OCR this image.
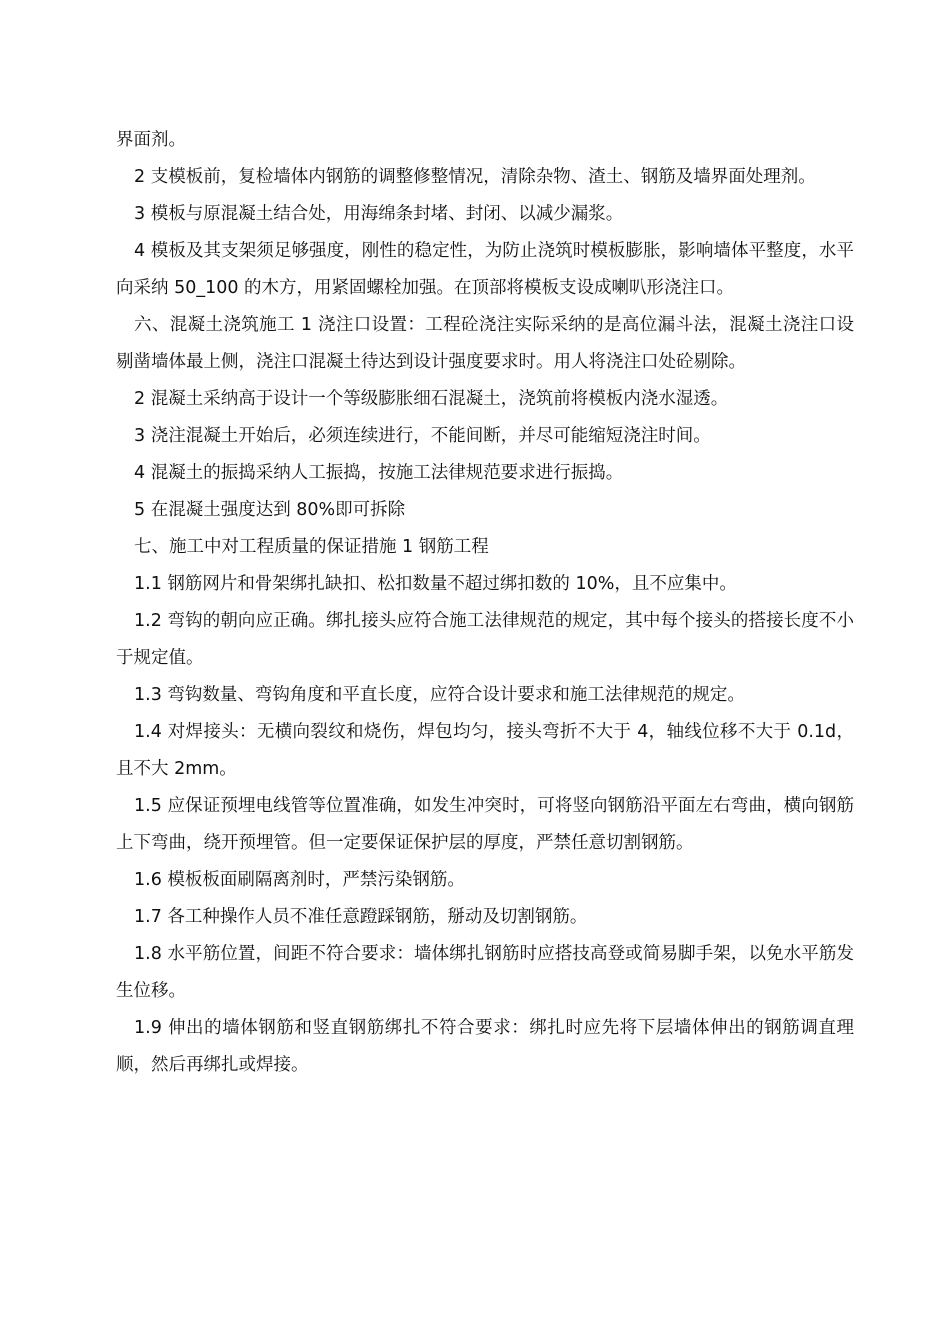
界面剂。

2 支模板前，复检墙体内钢筋的调整修整情况，清除杂物、渣土、钢筋及墙界面处理剂。

3 模板与原混凝土结合处，用海绵条封堵、封闭、以减少漏浆。

4 模板及其支架须足够强度，刚性的稳定性，为防止浇筑时模板膨胀，影响墙体平整度，水平向采纳 50_100 的木方，用紧固螺栓加强。在顶部将模板支设成喇叭形浇注口。

六、混凝土浇筑施工 1 浇注口设置：工程砼浇注实际采纳的是高位漏斗法，混凝土浇注口设剔凿墙体最上侧，浇注口混凝土待达到设计强度要求时。用人将浇注口处砼剔除。

2 混凝土采纳高于设计一个等级膨胀细石混凝土，浇筑前将模板内浇水湿透。

3 浇注混凝土开始后，必须连续进行，不能间断，并尽可能缩短浇注时间。

4 混凝土的振捣采纳人工振捣，按施工法律规范要求进行振捣。

5 在混凝土强度达到 80%即可拆除

七、施工中对工程质量的保证措施 1 钢筋工程

1.1 钢筋网片和骨架绑扎缺扣、松扣数量不超过绑扣数的 10%，且不应集中。

1.2 弯钩的朝向应正确。绑扎接头应符合施工法律规范的规定，其中每个接头的搭接长度不小于规定值。

1.3 弯钩数量、弯钩角度和平直长度，应符合设计要求和施工法律规范的规定。

1.4 对焊接头：无横向裂纹和烧伤，焊包均匀，接头弯折不大于 4，轴线位移不大于 0.1d，且不大 2mm。

1.5 应保证预埋电线管等位置准确，如发生冲突时，可将竖向钢筋沿平面左右弯曲，横向钢筋上下弯曲，绕开预埋管。但一定要保证保护层的厚度，严禁任意切割钢筋。

1.6 模板板面刷隔离剂时，严禁污染钢筋。

1.7 各工种操作人员不准任意蹬踩钢筋，掰动及切割钢筋。

1.8 水平筋位置，间距不符合要求：墙体绑扎钢筋时应搭技高登或简易脚手架，以免水平筋发生位移。

1.9 伸出的墙体钢筋和竖直钢筋绑扎不符合要求：绑扎时应先将下层墙体伸出的钢筋调直理顺，然后再绑扎或焊接。
